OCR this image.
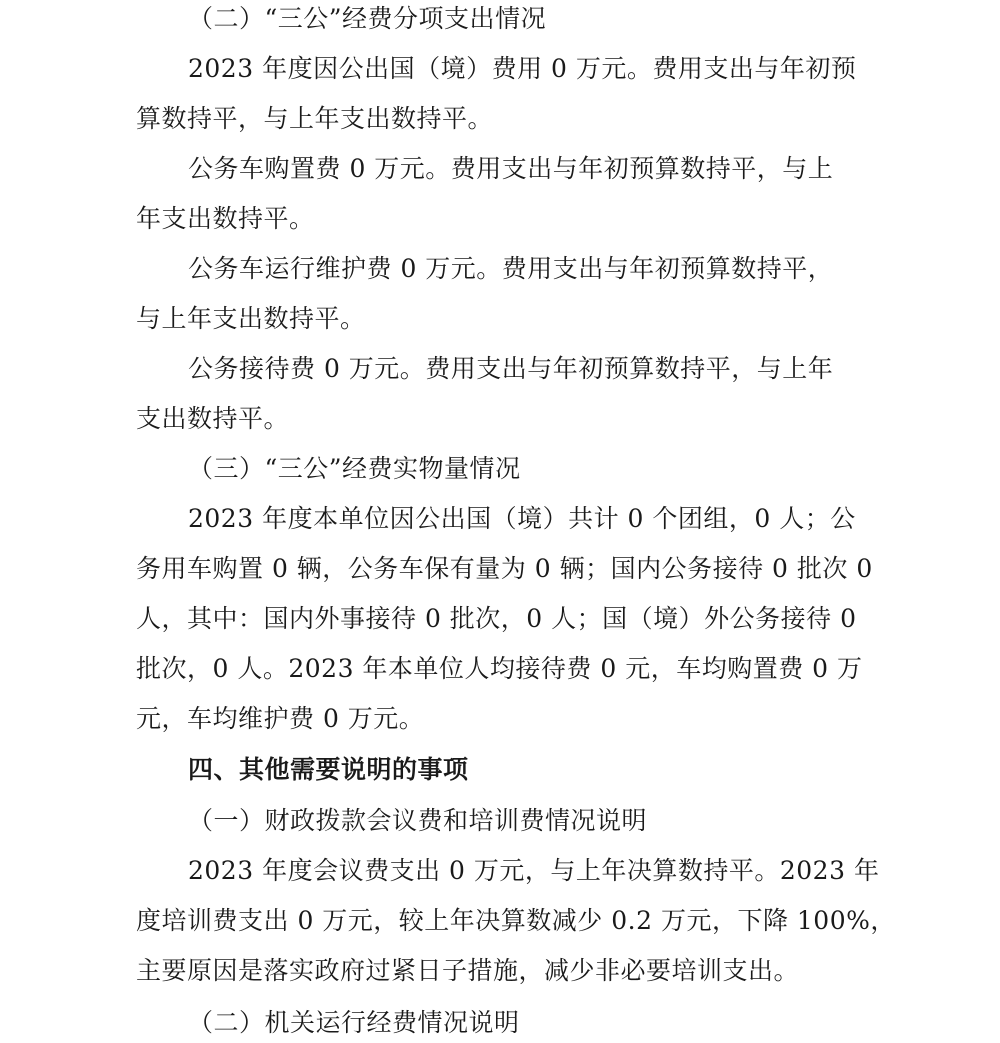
（二）“三公”经费分项支出情况

2023 年度因公出国（境）费用 0 万元。费用支出与年初预

算数持平，与上年支出数持平。

公务车购置费 0 万元。费用支出与年初预算数持平，与上

年支出数持平。

公务车运行维护费 0 万元。费用支出与年初预算数持平，

与上年支出数持平。

公务接待费 0 万元。费用支出与年初预算数持平，与上年

支出数持平。

（三）“三公”经费实物量情况

2023 年度本单位因公出国（境）共计 0 个团组，0 人；公

务用车购置 0 辆，公务车保有量为 0 辆；国内公务接待 0 批次 0

人，其中：国内外事接待 0 批次，0 人；国（境）外公务接待 0

批次，0 人。2023 年本单位人均接待费 0 元，车均购置费 0 万

元，车均维护费 0 万元。

四、其他需要说明的事项

（一）财政拨款会议费和培训费情况说明

2023 年度会议费支出 0 万元，与上年决算数持平。2023 年

度培训费支出 0 万元，较上年决算数减少 0.2 万元，下降 100%，

主要原因是落实政府过紧日子措施，减少非必要培训支出。

（二）机关运行经费情况说明
